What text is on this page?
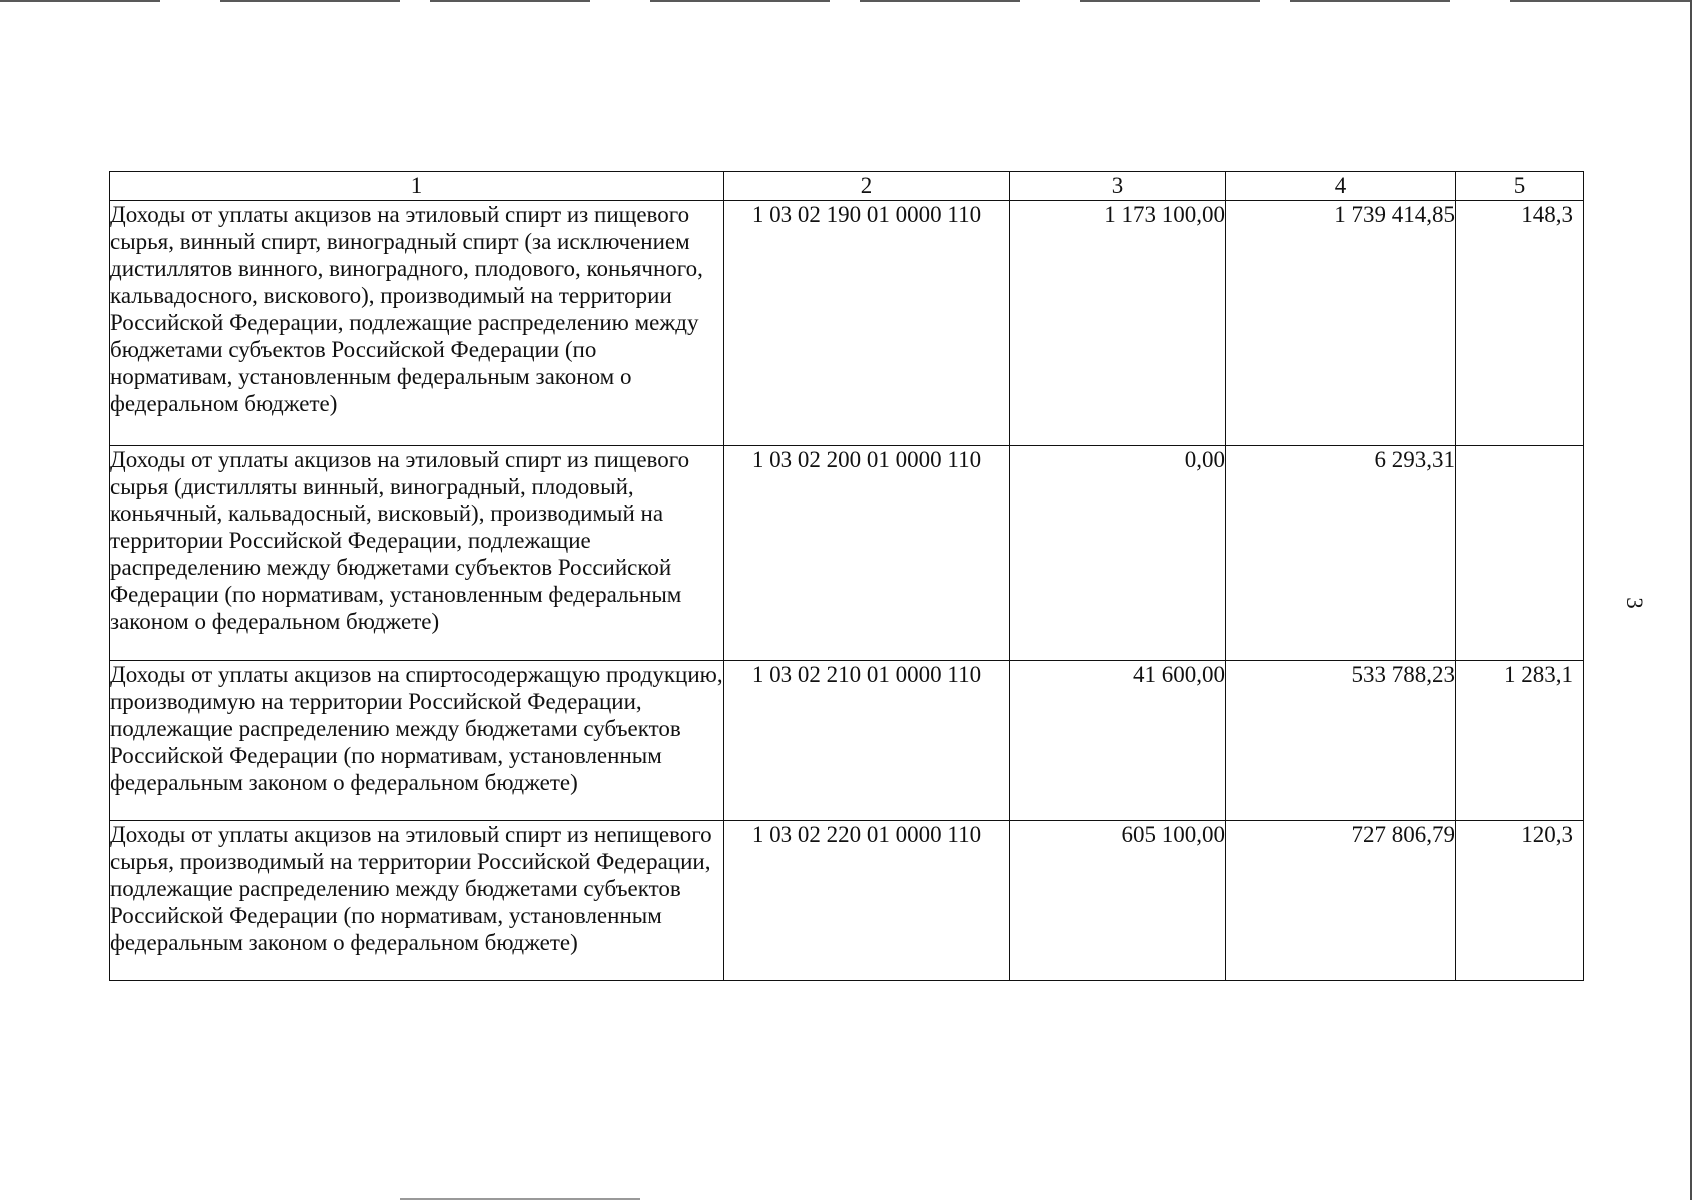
3
1	2	3	4	5
Доходы от уплаты акцизов на этиловый спирт из пищевого сырья, винный спирт, виноградный спирт (за исключением дистиллятов винного, виноградного, плодового, коньячного, кальвадосного, вискового), производимый на территории Российской Федерации, подлежащие распределению между бюджетами субъектов Российской Федерации (по нормативам, установленным федеральным законом о федеральном бюджете)	1 03 02 190 01 0000 110	1 173 100,00	1 739 414,85	148,3
Доходы от уплаты акцизов на этиловый спирт из пищевого сырья (дистилляты винный, виноградный, плодовый, коньячный, кальвадосный, висковый), производимый на территории Российской Федерации, подлежащие распределению между бюджетами субъектов Российской Федерации (по нормативам, установленным федеральным законом о федеральном бюджете)	1 03 02 200 01 0000 110	0,00	6 293,31	
Доходы от уплаты акцизов на спиртосодержащую продукцию, производимую на территории Российской Федерации, подлежащие распределению между бюджетами субъектов Российской Федерации (по нормативам, установленным федеральным законом о федеральном бюджете)	1 03 02 210 01 0000 110	41 600,00	533 788,23	1 283,1
Доходы от уплаты акцизов на этиловый спирт из непищевого сырья, производимый на территории Российской Федерации, подлежащие распределению между бюджетами субъектов Российской Федерации (по нормативам, установленным федеральным законом о федеральном бюджете)	1 03 02 220 01 0000 110	605 100,00	727 806,79	120,3
